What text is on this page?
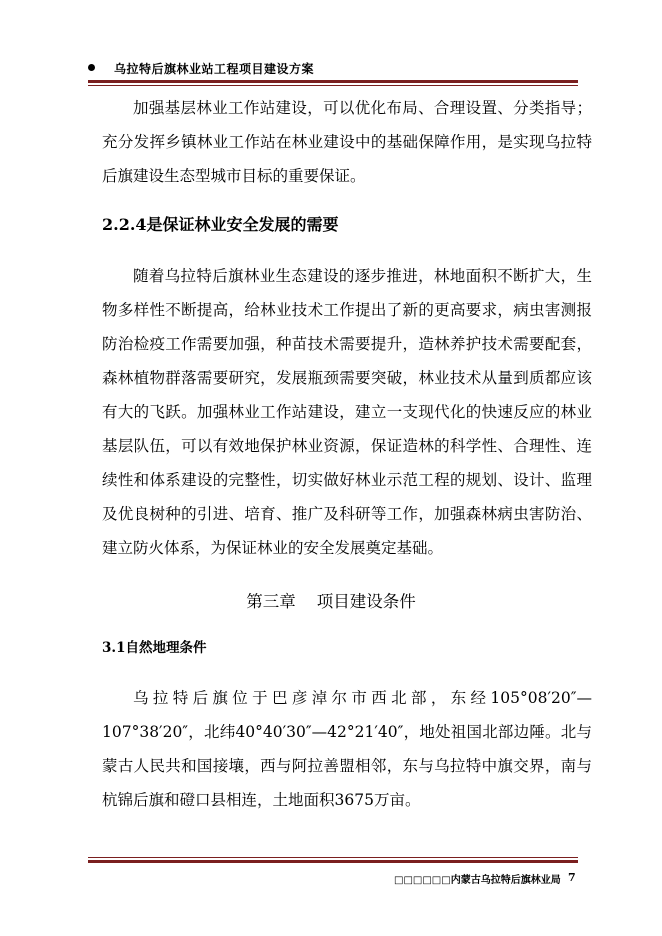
乌拉特后旗林业站工程项目建设方案

加强基层林业工作站建设，可以优化布局、合理设置、分类指导；充分发挥乡镇林业工作站在林业建设中的基础保障作用，是实现乌拉特后旗建设生态型城市目标的重要保证。

2.2.4是保证林业安全发展的需要

随着乌拉特后旗林业生态建设的逐步推进，林地面积不断扩大，生物多样性不断提高，给林业技术工作提出了新的更高要求，病虫害测报防治检疫工作需要加强，种苗技术需要提升，造林养护技术需要配套，森林植物群落需要研究，发展瓶颈需要突破，林业技术从量到质都应该有大的飞跃。加强林业工作站建设，建立一支现代化的快速反应的林业基层队伍，可以有效地保护林业资源，保证造林的科学性、合理性、连续性和体系建设的完整性，切实做好林业示范工程的规划、设计、监理及优良树种的引进、培育、推广及科研等工作，加强森林病虫害防治、建立防火体系，为保证林业的安全发展奠定基础。

第三章    项目建设条件
3.1自然地理条件

乌拉特后旗位于巴彦淖尔市西北部，东经105°08′20″—107°38′20″，北纬40°40′30″—42°21′40″，地处祖国北部边陲。北与蒙古人民共和国接壤，西与阿拉善盟相邻，东与乌拉特中旗交界，南与杭锦后旗和磴口县相连，土地面积3675万亩。

□□□□□□内蒙古乌拉特后旗林业局 7
